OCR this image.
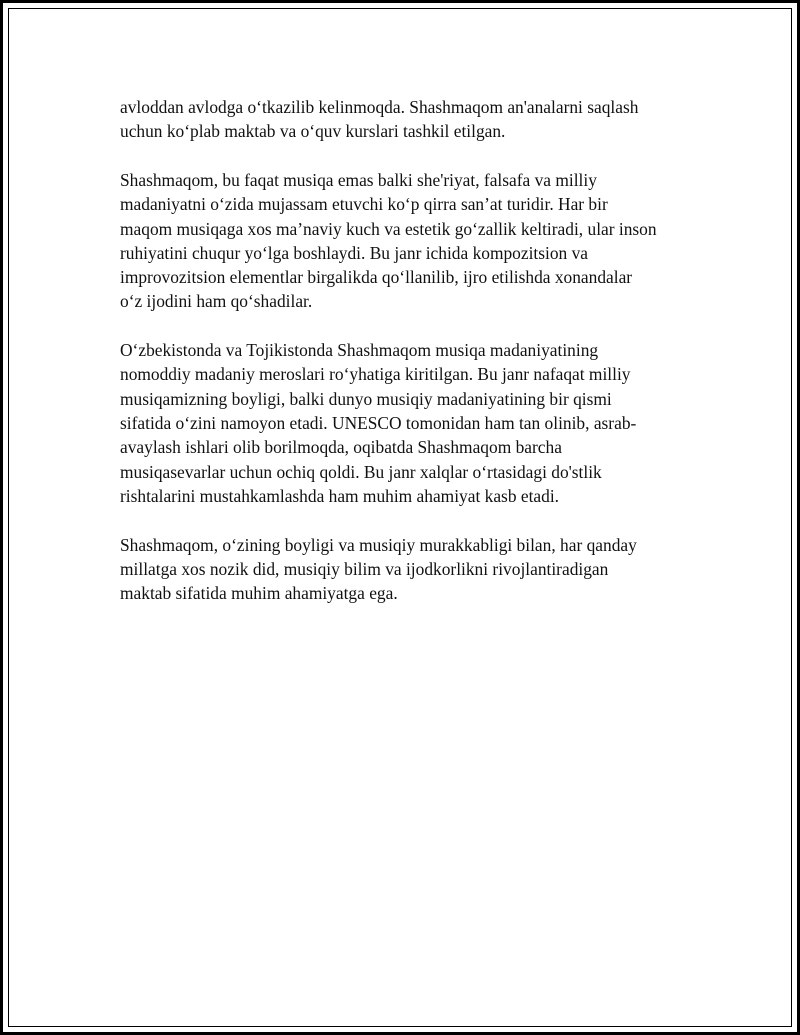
avloddan avlodga oʻtkazilib kelinmoqda. Shashmaqom an'analarni saqlash
uchun koʻplab maktab va oʻquv kurslari tashkil etilgan.

Shashmaqom, bu faqat musiqa emas balki she'riyat, falsafa va milliy
madaniyatni oʻzida mujassam etuvchi koʻp qirra san’at turidir. Har bir
maqom musiqaga xos ma’naviy kuch va estetik goʻzallik keltiradi, ular inson
ruhiyatini chuqur yoʻlga boshlaydi. Bu janr ichida kompozitsion va
improvozitsion elementlar birgalikda qoʻllanilib, ijro etilishda xonandalar
oʻz ijodini ham qoʻshadilar.

Oʻzbekistonda va Tojikistonda Shashmaqom musiqa madaniyatining
nomoddiy madaniy meroslari roʻyhatiga kiritilgan. Bu janr nafaqat milliy
musiqamizning boyligi, balki dunyo musiqiy madaniyatining bir qismi
sifatida oʻzini namoyon etadi. UNESCO tomonidan ham tan olinib, asrab-
avaylash ishlari olib borilmoqda, oqibatda Shashmaqom barcha
musiqasevarlar uchun ochiq qoldi. Bu janr xalqlar oʻrtasidagi do'stlik
rishtalarini mustahkamlashda ham muhim ahamiyat kasb etadi.

Shashmaqom, oʻzining boyligi va musiqiy murakkabligi bilan, har qanday
millatga xos nozik did, musiqiy bilim va ijodkorlikni rivojlantiradigan
maktab sifatida muhim ahamiyatga ega.
